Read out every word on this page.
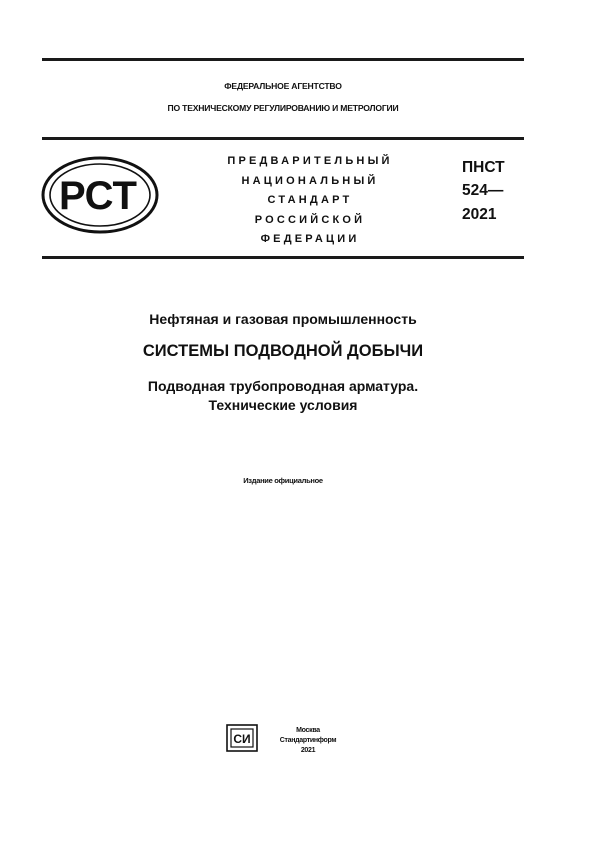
ФЕДЕРАЛЬНОЕ АГЕНТСТВО
ПО ТЕХНИЧЕСКОМУ РЕГУЛИРОВАНИЮ И МЕТРОЛОГИИ
РСТ
ПРЕДВАРИТЕЛЬНЫЙ
НАЦИОНАЛЬНЫЙ
СТАНДАРТ
РОССИЙСКОЙ
ФЕДЕРАЦИИ
ПНСТ
524—
2021
Нефтяная и газовая промышленность
СИСТЕМЫ ПОДВОДНОЙ ДОБЫЧИ
Подводная трубопроводная арматура.
Технические условия
Издание официальное
СИ
Москва
Стандартинформ
2021
